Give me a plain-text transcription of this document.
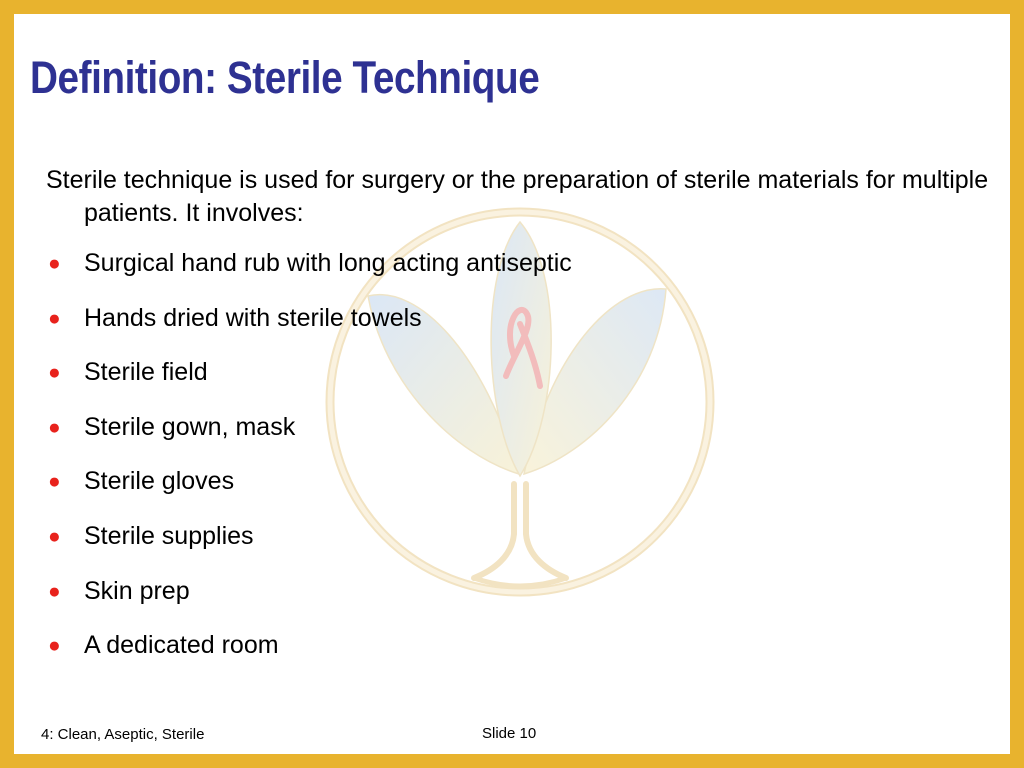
Definition: Sterile Technique

Sterile technique is used for surgery or the preparation of sterile materials for multiple patients. It involves:

● Surgical hand rub with long acting antiseptic
● Hands dried with sterile towels
● Sterile field
● Sterile gown, mask
● Sterile gloves
● Sterile supplies
● Skin prep
● A dedicated room
4: Clean, Aseptic, Sterile	Slide 10
